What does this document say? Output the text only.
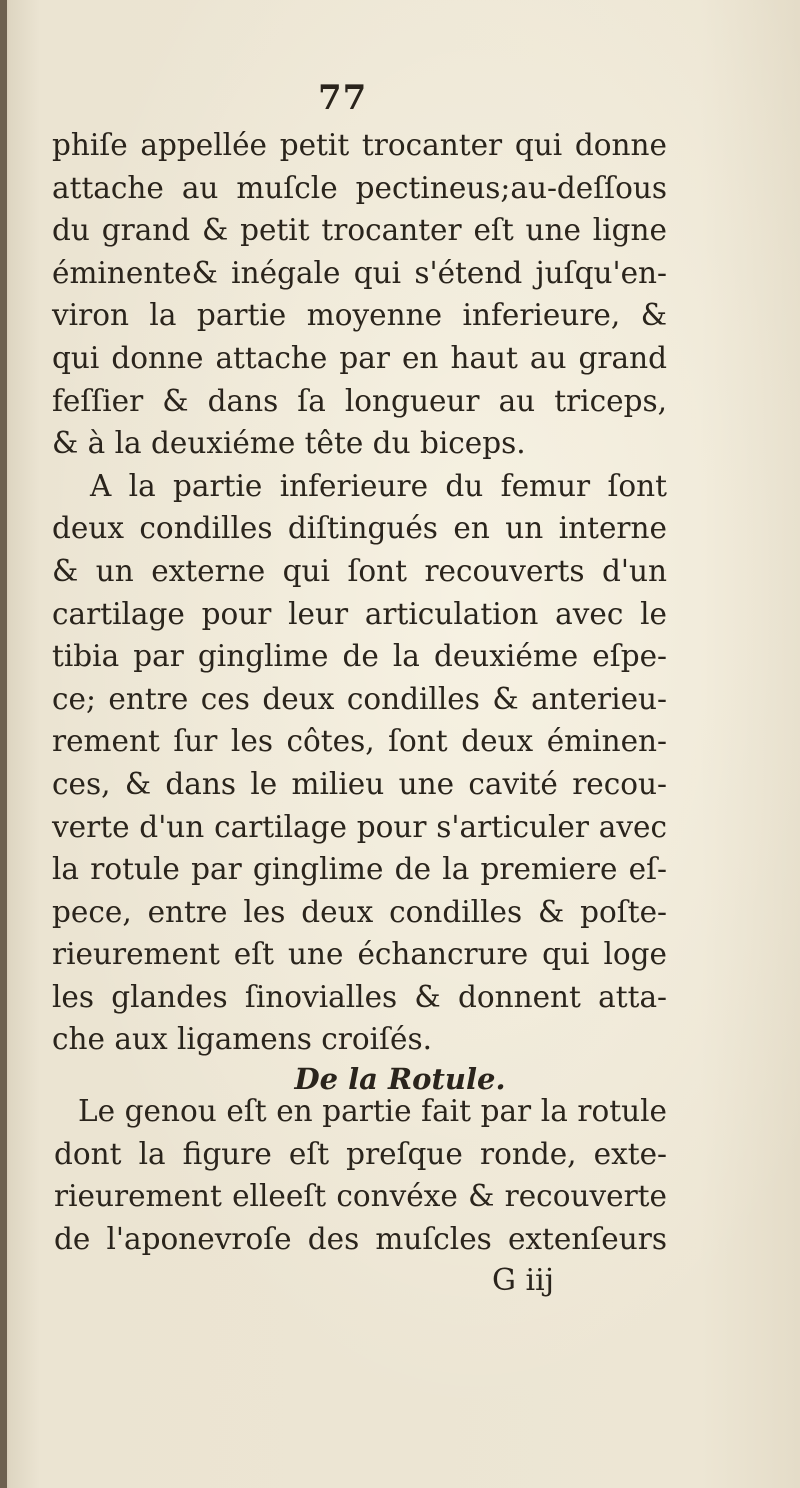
77
phiſe appellée petit trocanter qui donne
attache au muſcle pectineus;au-deſſous
du grand & petit trocanter eſt une ligne
éminente& inégale qui s'étend juſqu'en-
viron la partie moyenne inferieure, &
qui donne attache par en haut au grand
feſſier & dans ſa longueur au triceps,
& à la deuxiéme tête du biceps.
A la partie inferieure du femur ſont
deux condilles diſtingués en un interne
& un externe qui ſont recouverts d'un
cartilage pour leur articulation avec le
tibia par ginglime de la deuxiéme eſpe-
ce; entre ces deux condilles & anterieu-
rement ſur les côtes, ſont deux éminen-
ces, & dans le milieu une cavité recou-
verte d'un cartilage pour s'articuler avec
la rotule par ginglime de la premiere eſ-
pece, entre les deux condilles & poſte-
rieurement eſt une échancrure qui loge
les glandes ſinovialles & donnent atta-
che aux ligamens croiſés.
De la Rotule.
Le genou eſt en partie fait par la rotule
dont la figure eſt preſque ronde, exte-
rieurement elleeſt convéxe & recouverte
de l'aponevroſe des muſcles extenſeurs
G iij
